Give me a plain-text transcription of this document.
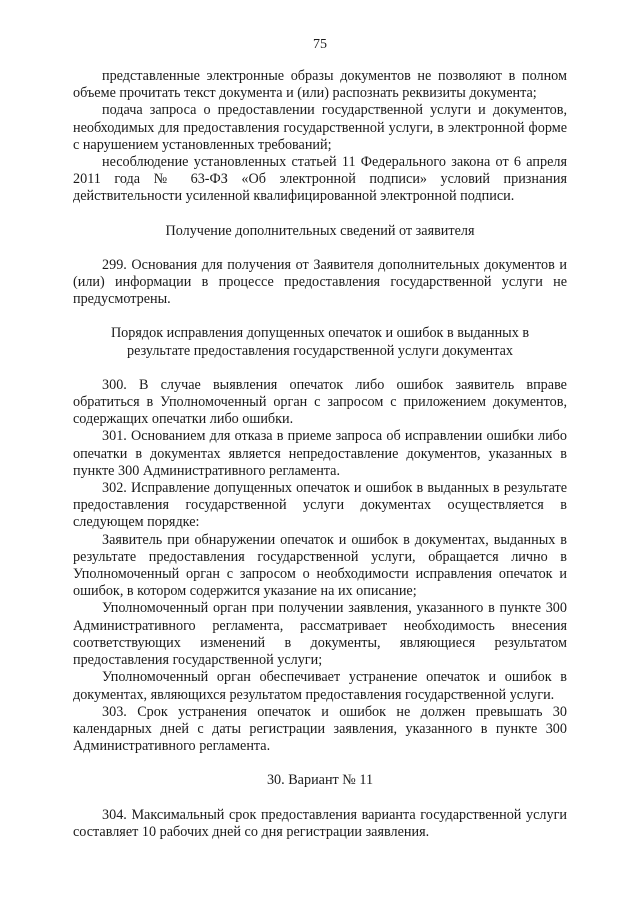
75

представленные электронные образы документов не позволяют в полном объеме прочитать текст документа и (или) распознать реквизиты документа;

подача запроса о предоставлении государственной услуги и документов, необходимых для предоставления государственной услуги, в электронной форме с нарушением установленных требований;

несоблюдение установленных статьей 11 Федерального закона от 6 апреля 2011 года № 63-ФЗ «Об электронной подписи» условий признания действительности усиленной квалифицированной электронной подписи.

Получение дополнительных сведений от заявителя

299. Основания для получения от Заявителя дополнительных документов и (или) информации в процессе предоставления государственной услуги не предусмотрены.

Порядок исправления допущенных опечаток и ошибок в выданных в результате предоставления государственной услуги документах

300. В случае выявления опечаток либо ошибок заявитель вправе обратиться в Уполномоченный орган с запросом с приложением документов, содержащих опечатки либо ошибки.

301. Основанием для отказа в приеме запроса об исправлении ошибки либо опечатки в документах является непредоставление документов, указанных в пункте 300 Административного регламента.

302. Исправление допущенных опечаток и ошибок в выданных в результате предоставления государственной услуги документах осуществляется в следующем порядке:

Заявитель при обнаружении опечаток и ошибок в документах, выданных в результате предоставления государственной услуги, обращается лично в Уполномоченный орган с запросом о необходимости исправления опечаток и ошибок, в котором содержится указание на их описание;

Уполномоченный орган при получении заявления, указанного в пункте 300 Административного регламента, рассматривает необходимость внесения соответствующих изменений в документы, являющиеся результатом предоставления государственной услуги;

Уполномоченный орган обеспечивает устранение опечаток и ошибок в документах, являющихся результатом предоставления государственной услуги.

303. Срок устранения опечаток и ошибок не должен превышать 30 календарных дней с даты регистрации заявления, указанного в пункте 300 Административного регламента.

30. Вариант № 11

304. Максимальный срок предоставления варианта государственной услуги составляет 10 рабочих дней со дня регистрации заявления.
